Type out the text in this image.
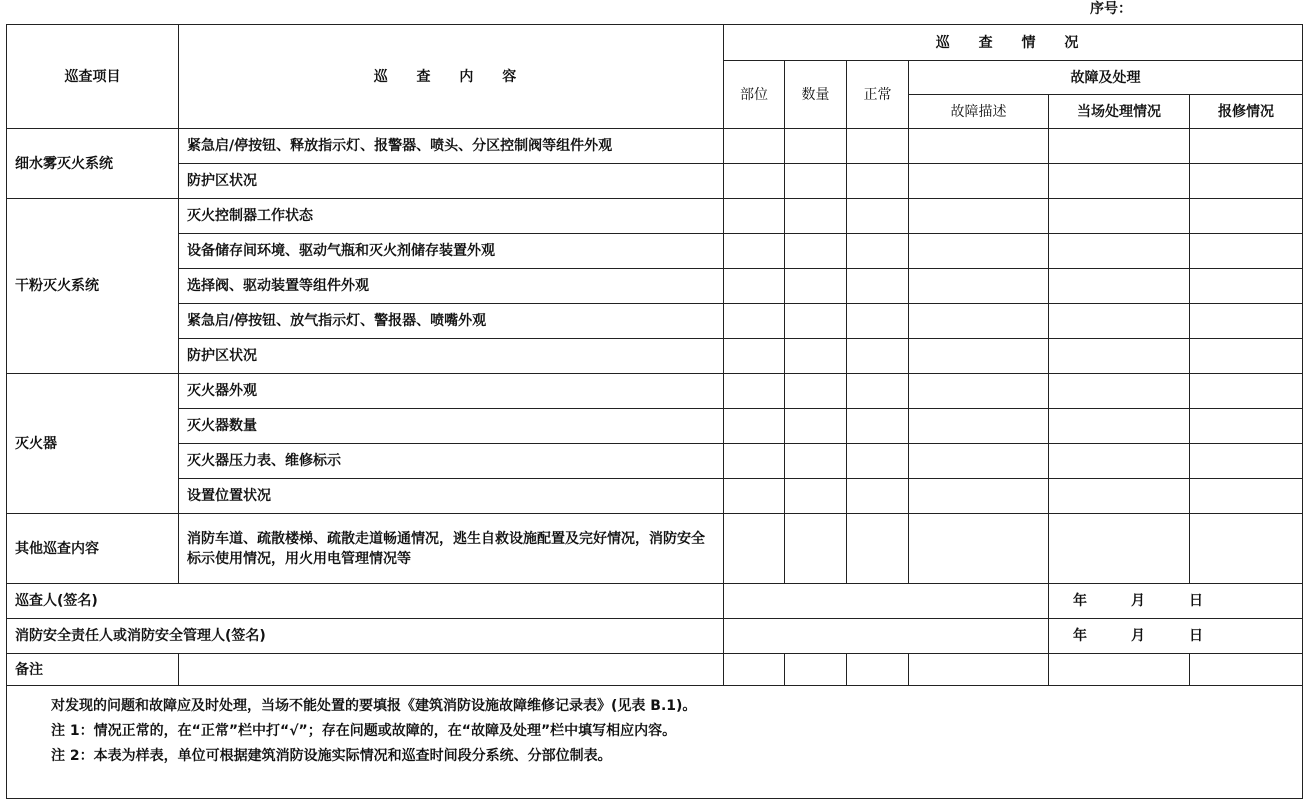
序号：
巡查项目	巡 查 内 容	巡 查 情 况					
		部位	数量	正常	故障及处理		
					故障描述	当场处理情况	报修情况
细水雾灭火系统	紧急启/停按钮、释放指示灯、报警器、喷头、分区控制阀等组件外观						
	防护区状况						
干粉灭火系统	灭火控制器工作状态						
	设备储存间环境、驱动气瓶和灭火剂储存装置外观						
	选择阀、驱动装置等组件外观						
	紧急启/停按钮、放气指示灯、警报器、喷嘴外观						
	防护区状况						
灭火器	灭火器外观						
	灭火器数量						
	灭火器压力表、维修标示						
	设置位置状况						
其他巡查内容	消防车道、疏散楼梯、疏散走道畅通情况，逃生自救设施配置及完好情况，消防安全标示使用情况，用火用电管理情况等						
巡查人(签名)						年 月 日	
消防安全责任人或消防安全管理人(签名)						年 月 日	
备注							

对发现的问题和故障应及时处理，当场不能处置的要填报《建筑消防设施故障维修记录表》(见表 B.1)。
注 1：情况正常的，在“正常”栏中打“√”；存在问题或故障的，在“故障及处理”栏中填写相应内容。
注 2：本表为样表，单位可根据建筑消防设施实际情况和巡查时间段分系统、分部位制表。							
